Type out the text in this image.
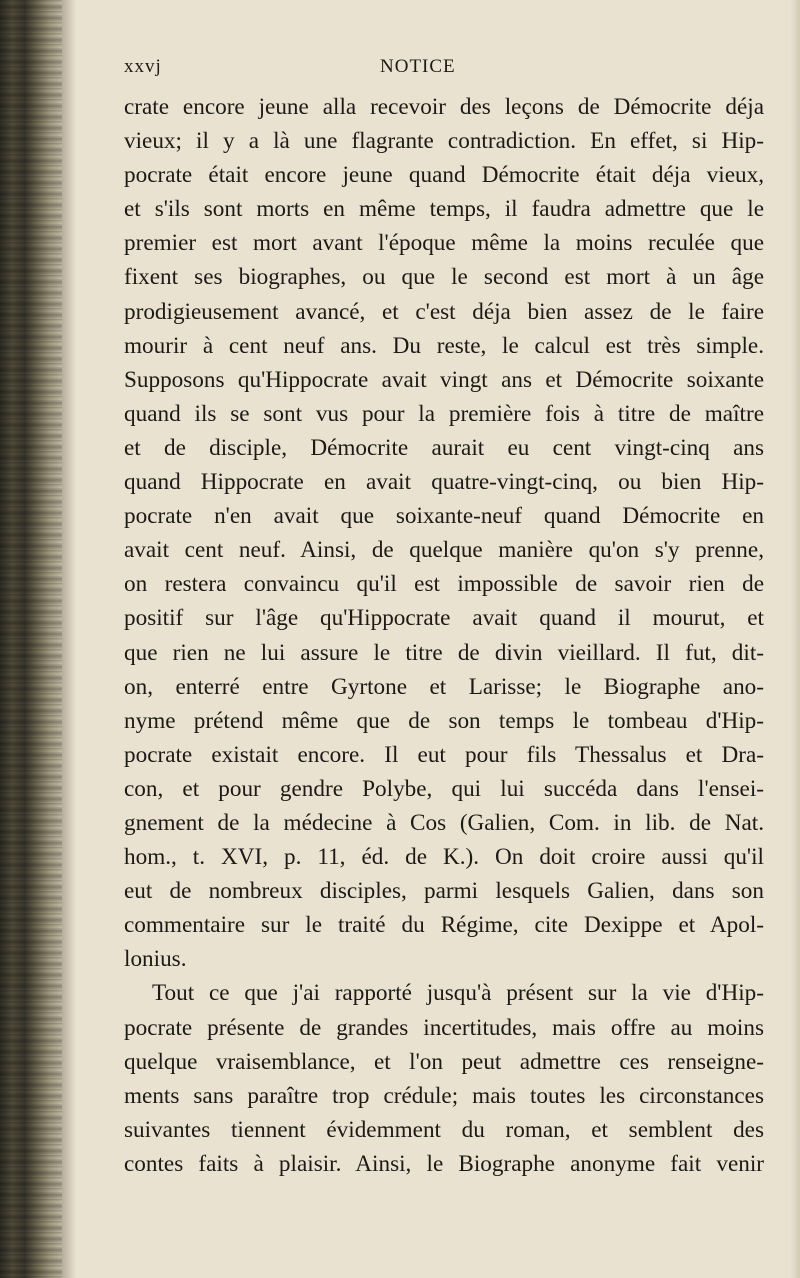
xxvj	NOTICE
crate encore jeune alla recevoir des leçons de Démocrite déja
vieux; il y a là une flagrante contradiction. En effet, si Hip-
pocrate était encore jeune quand Démocrite était déja vieux,
et s'ils sont morts en même temps, il faudra admettre que le
premier est mort avant l'époque même la moins reculée que
fixent ses biographes, ou que le second est mort à un âge
prodigieusement avancé, et c'est déja bien assez de le faire
mourir à cent neuf ans. Du reste, le calcul est très simple.
Supposons qu'Hippocrate avait vingt ans et Démocrite soixante
quand ils se sont vus pour la première fois à titre de maître
et de disciple, Démocrite aurait eu cent vingt-cinq ans
quand Hippocrate en avait quatre-vingt-cinq, ou bien Hip-
pocrate n'en avait que soixante-neuf quand Démocrite en
avait cent neuf. Ainsi, de quelque manière qu'on s'y prenne,
on restera convaincu qu'il est impossible de savoir rien de
positif sur l'âge qu'Hippocrate avait quand il mourut, et
que rien ne lui assure le titre de divin vieillard. Il fut, dit-
on, enterré entre Gyrtone et Larisse; le Biographe ano-
nyme prétend même que de son temps le tombeau d'Hip-
pocrate existait encore. Il eut pour fils Thessalus et Dra-
con, et pour gendre Polybe, qui lui succéda dans l'ensei-
gnement de la médecine à Cos (Galien, Com. in lib. de Nat.
hom., t. XVI, p. 11, éd. de K.). On doit croire aussi qu'il
eut de nombreux disciples, parmi lesquels Galien, dans son
commentaire sur le traité du Régime, cite Dexippe et Apol-
lonius.
Tout ce que j'ai rapporté jusqu'à présent sur la vie d'Hip-
pocrate présente de grandes incertitudes, mais offre au moins
quelque vraisemblance, et l'on peut admettre ces renseigne-
ments sans paraître trop crédule; mais toutes les circonstances
suivantes tiennent évidemment du roman, et semblent des
contes faits à plaisir. Ainsi, le Biographe anonyme fait venir
